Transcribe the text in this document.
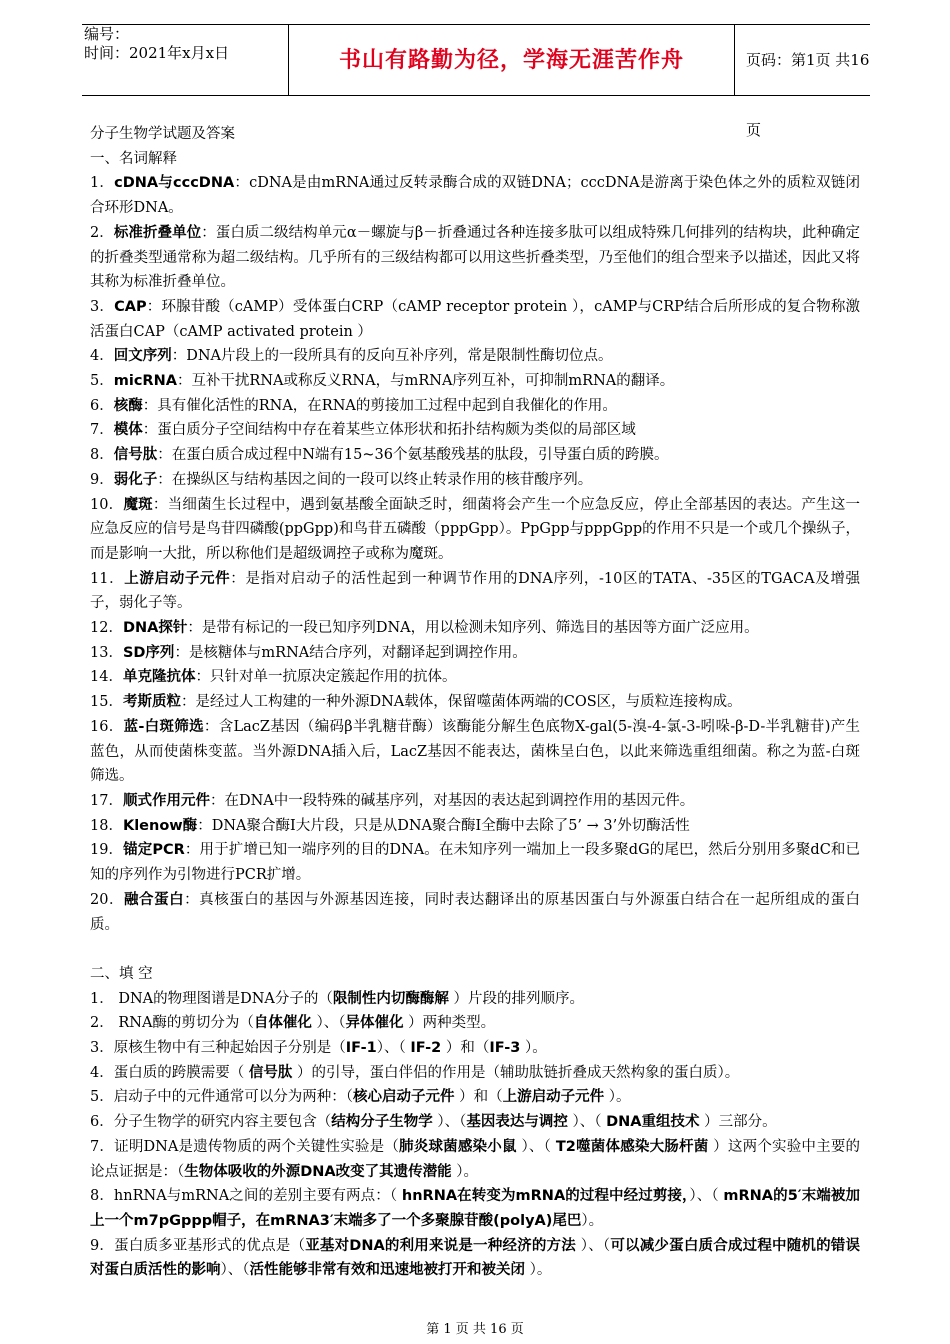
编号：
时间：2021年x月x日	书山有路勤为径，学海无涯苦作舟	页码：第1页 共16页

分子生物学试题及答案

一、名词解释

1．cDNA与cccDNA：cDNA是由mRNA通过反转录酶合成的双链DNA；cccDNA是游离于染色体之外的质粒双链闭合环形DNA。

2．标准折叠单位：蛋白质二级结构单元α－螺旋与β－折叠通过各种连接多肽可以组成特殊几何排列的结构块，此种确定的折叠类型通常称为超二级结构。几乎所有的三级结构都可以用这些折叠类型，乃至他们的组合型来予以描述，因此又将其称为标准折叠单位。

3．CAP：环腺苷酸（cAMP）受体蛋白CRP（cAMP receptor protein ），cAMP与CRP结合后所形成的复合物称激活蛋白CAP（cAMP activated protein ）

4．回文序列：DNA片段上的一段所具有的反向互补序列，常是限制性酶切位点。

5．micRNA：互补干扰RNA或称反义RNA，与mRNA序列互补，可抑制mRNA的翻译。

6．核酶：具有催化活性的RNA，在RNA的剪接加工过程中起到自我催化的作用。

7．模体：蛋白质分子空间结构中存在着某些立体形状和拓扑结构颇为类似的局部区域

8．信号肽：在蛋白质合成过程中N端有15~36个氨基酸残基的肽段，引导蛋白质的跨膜。

9．弱化子：在操纵区与结构基因之间的一段可以终止转录作用的核苷酸序列。

10．魔斑：当细菌生长过程中，遇到氨基酸全面缺乏时，细菌将会产生一个应急反应，停止全部基因的表达。产生这一应急反应的信号是鸟苷四磷酸(ppGpp)和鸟苷五磷酸（pppGpp）。PpGpp与pppGpp的作用不只是一个或几个操纵子，而是影响一大批，所以称他们是超级调控子或称为魔斑。

11．上游启动子元件：是指对启动子的活性起到一种调节作用的DNA序列，-10区的TATA、-35区的TGACA及增强子，弱化子等。

12．DNA探针：是带有标记的一段已知序列DNA，用以检测未知序列、筛选目的基因等方面广泛应用。

13．SD序列：是核糖体与mRNA结合序列，对翻译起到调控作用。

14．单克隆抗体：只针对单一抗原决定簇起作用的抗体。

15．考斯质粒：是经过人工构建的一种外源DNA载体，保留噬菌体两端的COS区，与质粒连接构成。

16．蓝-白斑筛选：含LacZ基因（编码β半乳糖苷酶）该酶能分解生色底物X-gal(5-溴-4-氯-3-吲哚-β-D-半乳糖苷)产生蓝色，从而使菌株变蓝。当外源DNA插入后，LacZ基因不能表达，菌株呈白色，以此来筛选重组细菌。称之为蓝-白斑筛选。

17．顺式作用元件：在DNA中一段特殊的碱基序列，对基因的表达起到调控作用的基因元件。

18．Klenow酶：DNA聚合酶I大片段，只是从DNA聚合酶I全酶中去除了5’ → 3’外切酶活性

19．锚定PCR：用于扩增已知一端序列的目的DNA。在未知序列一端加上一段多聚dG的尾巴，然后分别用多聚dC和已知的序列作为引物进行PCR扩增。

20．融合蛋白：真核蛋白的基因与外源基因连接，同时表达翻译出的原基因蛋白与外源蛋白结合在一起所组成的蛋白质。

二、填 空

1． DNA的物理图谱是DNA分子的（限制性内切酶酶解 ）片段的排列顺序。

2． RNA酶的剪切分为（自体催化 ）、（异体催化 ）两种类型。

3．原核生物中有三种起始因子分别是（IF-1）、（ IF-2 ）和（IF-3 ）。

4．蛋白质的跨膜需要（ 信号肽 ）的引导，蛋白伴侣的作用是（辅助肽链折叠成天然构象的蛋白质）。

5．启动子中的元件通常可以分为两种：（核心启动子元件 ）和（上游启动子元件 ）。

6．分子生物学的研究内容主要包含（结构分子生物学 ）、（基因表达与调控 ）、（ DNA重组技术 ）三部分。

7．证明DNA是遗传物质的两个关键性实验是（肺炎球菌感染小鼠 ）、（ T2噬菌体感染大肠杆菌 ）这两个实验中主要的论点证据是：（生物体吸收的外源DNA改变了其遗传潜能 ）。

8．hnRNA与mRNA之间的差别主要有两点：（ hnRNA在转变为mRNA的过程中经过剪接，）、（ mRNA的5′末端被加上一个m7pGppp帽子，在mRNA3′末端多了一个多聚腺苷酸(polyA)尾巴）。

9．蛋白质多亚基形式的优点是（亚基对DNA的利用来说是一种经济的方法 ）、（可以减少蛋白质合成过程中随机的错误对蛋白质活性的影响）、（活性能够非常有效和迅速地被打开和被关闭 ）。

第 1 页 共 16 页
